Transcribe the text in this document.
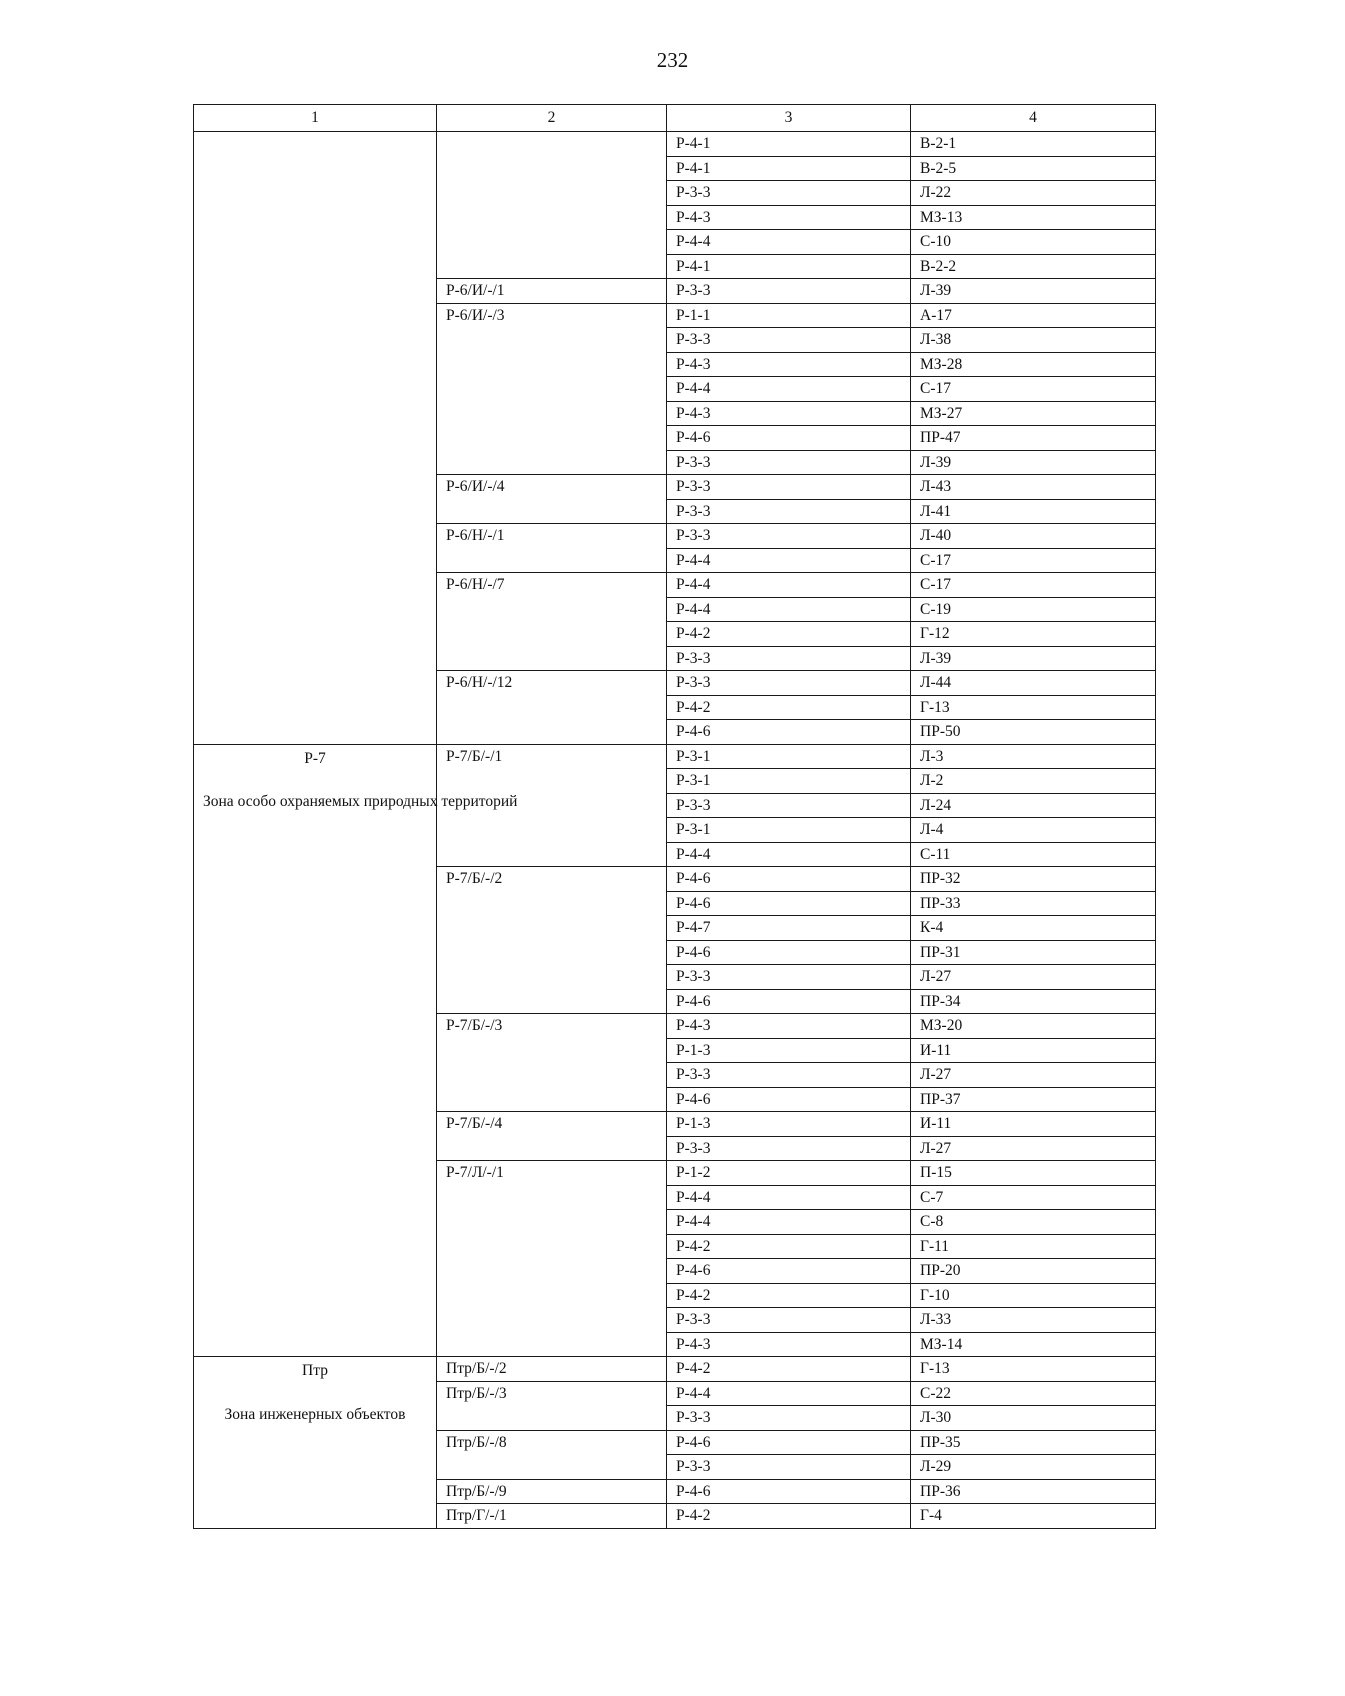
232
1	2	3	4

		Р-4-1	В-2-1
		Р-4-1	В-2-5
		Р-3-3	Л-22
		Р-4-3	МЗ-13
		Р-4-4	С-10
		Р-4-1	В-2-2
	Р-6/И/-/1	Р-3-3	Л-39
	Р-6/И/-/3	Р-1-1	А-17
		Р-3-3	Л-38
		Р-4-3	МЗ-28
		Р-4-4	С-17
		Р-4-3	МЗ-27
		Р-4-6	ПР-47
		Р-3-3	Л-39
	Р-6/И/-/4	Р-3-3	Л-43
		Р-3-3	Л-41
	Р-6/Н/-/1	Р-3-3	Л-40
		Р-4-4	С-17
	Р-6/Н/-/7	Р-4-4	С-17
		Р-4-4	С-19
		Р-4-2	Г-12
		Р-3-3	Л-39
	Р-6/Н/-/12	Р-3-3	Л-44
		Р-4-2	Г-13
		Р-4-6	ПР-50

Р-7
Зона особо охраняемых природных территорий	Р-7/Б/-/1	Р-3-1	Л-3
		Р-3-1	Л-2
		Р-3-3	Л-24
		Р-3-1	Л-4
		Р-4-4	С-11
	Р-7/Б/-/2	Р-4-6	ПР-32
		Р-4-6	ПР-33
		Р-4-7	К-4
		Р-4-6	ПР-31
		Р-3-3	Л-27
		Р-4-6	ПР-34
	Р-7/Б/-/3	Р-4-3	МЗ-20
		Р-1-3	И-11
		Р-3-3	Л-27
		Р-4-6	ПР-37
	Р-7/Б/-/4	Р-1-3	И-11
		Р-3-3	Л-27
	Р-7/Л/-/1	Р-1-2	П-15
		Р-4-4	С-7
		Р-4-4	С-8
		Р-4-2	Г-11
		Р-4-6	ПР-20
		Р-4-2	Г-10
		Р-3-3	Л-33
		Р-4-3	МЗ-14

Птр
Зона инженерных объектов	Птр/Б/-/2	Р-4-2	Г-13
	Птр/Б/-/3	Р-4-4	С-22
		Р-3-3	Л-30
	Птр/Б/-/8	Р-4-6	ПР-35
		Р-3-3	Л-29
	Птр/Б/-/9	Р-4-6	ПР-36
	Птр/Г/-/1	Р-4-2	Г-4
